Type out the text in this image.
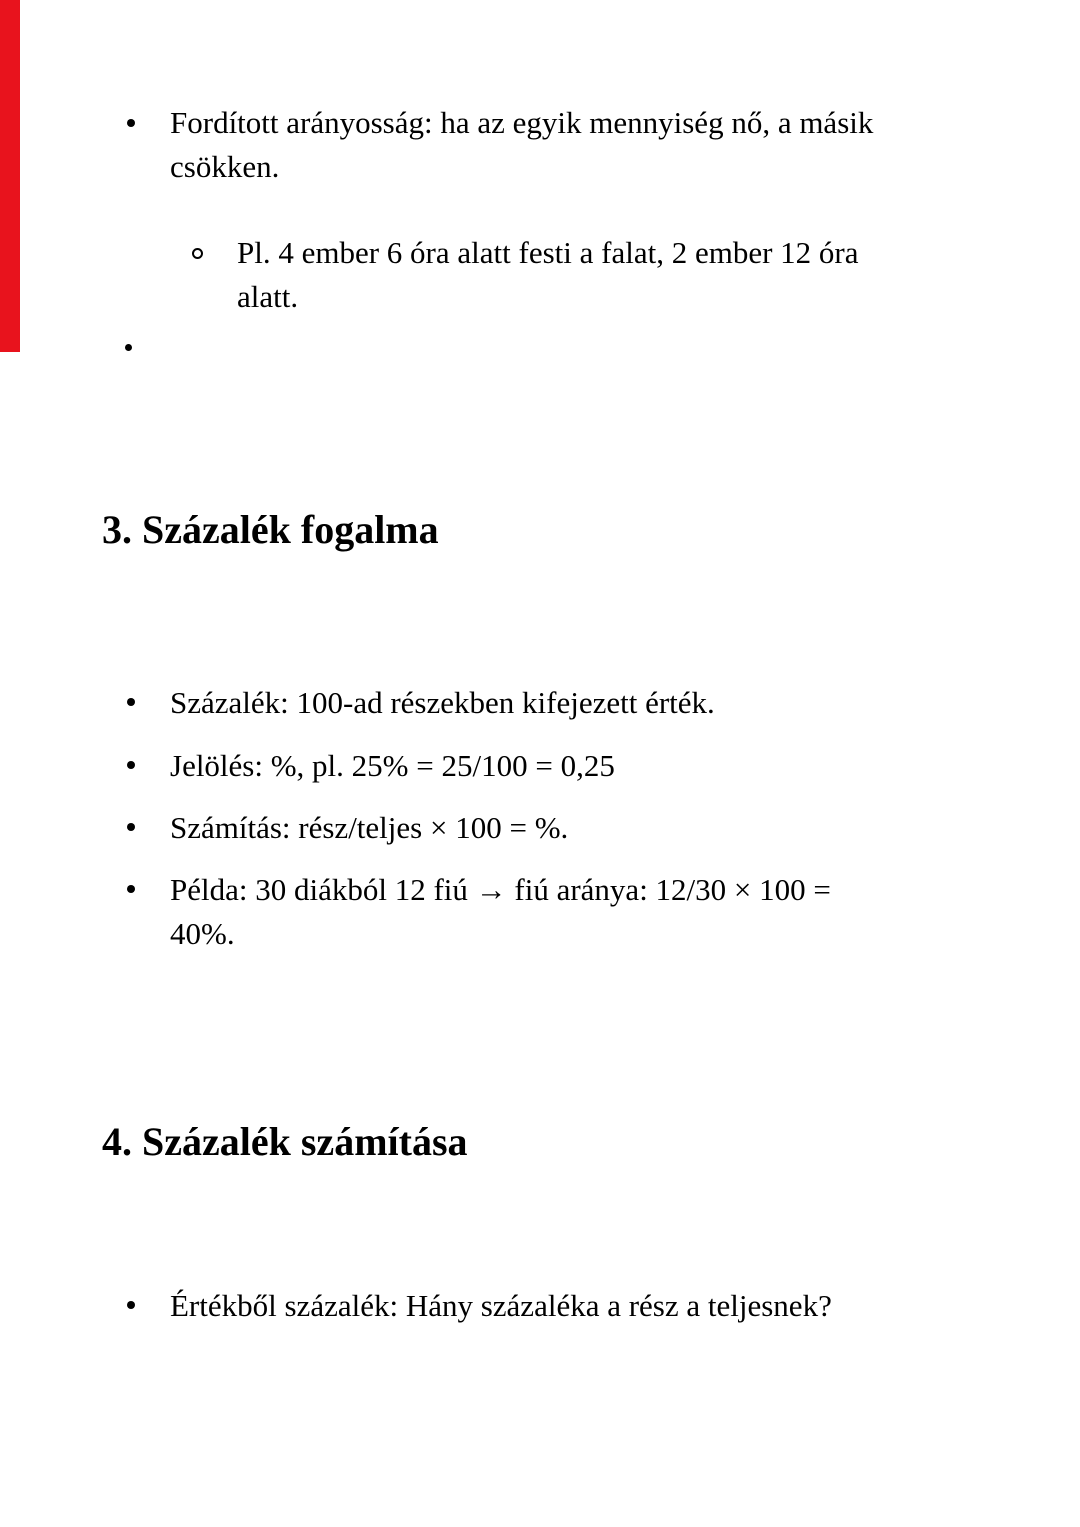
Fordított arányosság: ha az egyik mennyiség nő, a másik
csökken.
Pl. 4 ember 6 óra alatt festi a falat, 2 ember 12 óra
alatt.
3. Százalék fogalma
Százalék: 100-ad részekben kifejezett érték.
Jelölés: %, pl. 25% = 25/100 = 0,25
Számítás: rész/teljes × 100 = %.
Példa: 30 diákból 12 fiú → fiú aránya: 12/30 × 100 =
40%.
4. Százalék számítása
Értékből százalék: Hány százaléka a rész a teljesnek?
